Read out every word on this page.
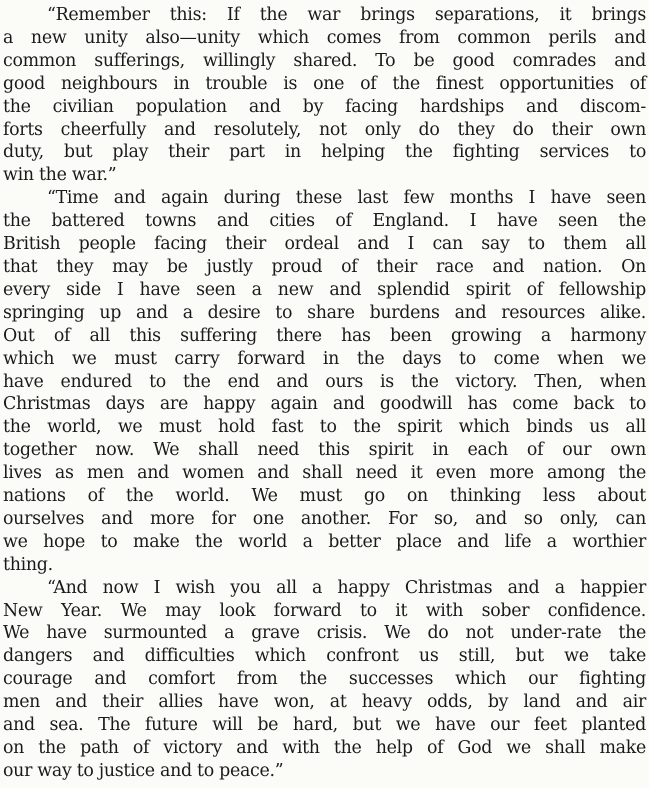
“Remember this: If the war brings separations, it brings
a new unity also—unity which comes from common perils and
common sufferings, willingly shared. To be good comrades and
good neighbours in trouble is one of the finest opportunities of
the civilian population and by facing hardships and discom-
forts cheerfully and resolutely, not only do they do their own
duty, but play their part in helping the fighting services to
win the war.”
“Time and again during these last few months I have seen
the battered towns and cities of England. I have seen the
British people facing their ordeal and I can say to them all
that they may be justly proud of their race and nation. On
every side I have seen a new and splendid spirit of fellowship
springing up and a desire to share burdens and resources alike.
Out of all this suffering there has been growing a harmony
which we must carry forward in the days to come when we
have endured to the end and ours is the victory. Then, when
Christmas days are happy again and goodwill has come back to
the world, we must hold fast to the spirit which binds us all
together now. We shall need this spirit in each of our own
lives as men and women and shall need it even more among the
nations of the world. We must go on thinking less about
ourselves and more for one another. For so, and so only, can
we hope to make the world a better place and life a worthier
thing.
“And now I wish you all a happy Christmas and a happier
New Year. We may look forward to it with sober confidence.
We have surmounted a grave crisis. We do not under-rate the
dangers and difficulties which confront us still, but we take
courage and comfort from the successes which our fighting
men and their allies have won, at heavy odds, by land and air
and sea. The future will be hard, but we have our feet planted
on the path of victory and with the help of God we shall make
our way to justice and to peace.”
